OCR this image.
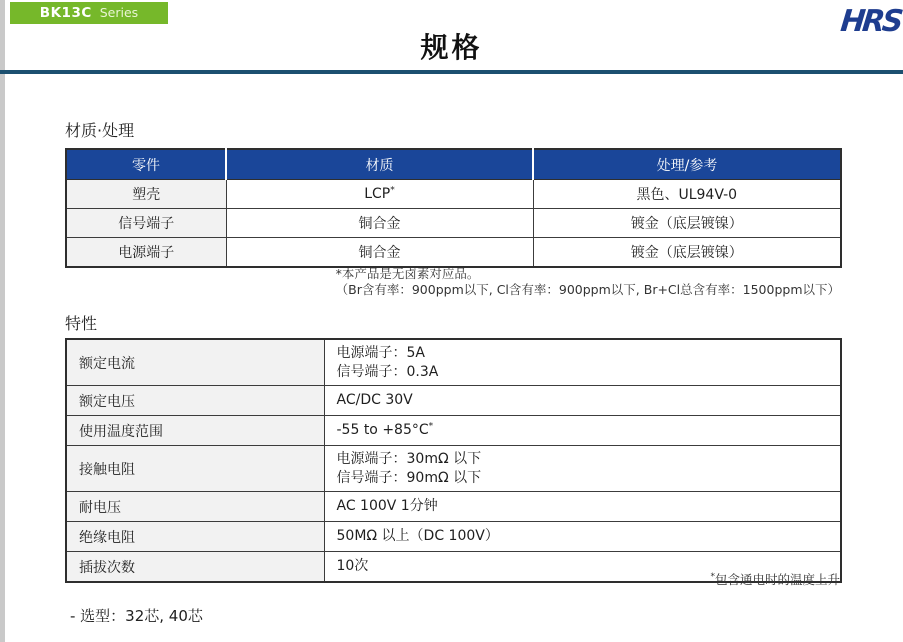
BK13C Series
规格
HRS
材质·处理
零件	材质	处理/参考
塑壳	LCP*	黑色、UL94V-0
信号端子	铜合金	镀金（底层镀镍）
电源端子	铜合金	镀金（底层镀镍）
*本产品是无卤素对应品。
（Br含有率：900ppm以下, Cl含有率：900ppm以下, Br+Cl总含有率：1500ppm以下）
特性
额定电流	电源端子：5A
信号端子：0.3A

额定电压	AC/DC 30V

使用温度范围	-55 to +85°C*

接触电阻	电源端子：30mΩ 以下
信号端子：90mΩ 以下

耐电压	AC 100V 1分钟

绝缘电阻	50MΩ 以上（DC 100V）

插拔次数	10次
*包含通电时的温度上升
- 选型：32芯, 40芯
